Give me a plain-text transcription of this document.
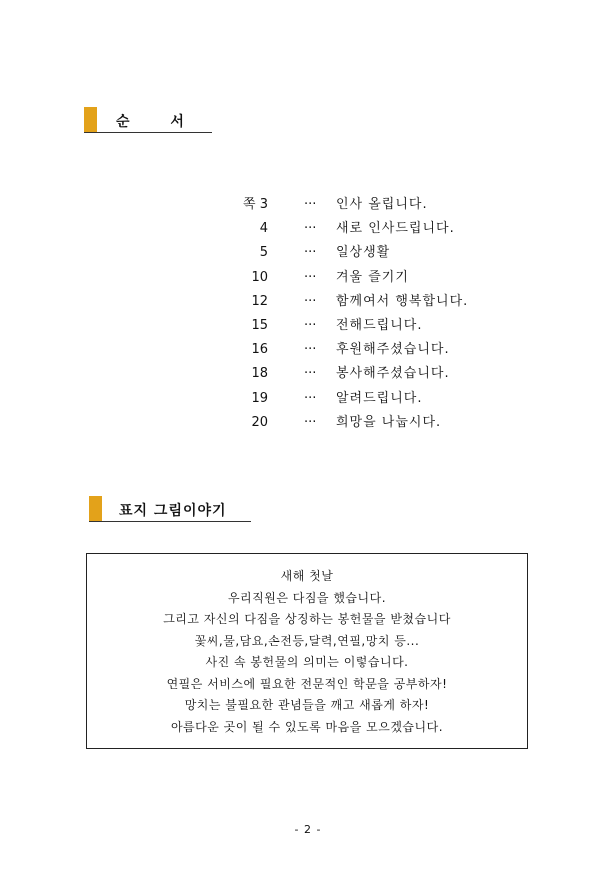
순 서
쪽 3	··· 인사 올립니다.
4	··· 새로 인사드립니다.
5	··· 일상생활
10	··· 겨울 즐기기
12	··· 함께여서 행복합니다.
15	··· 전해드립니다.
16	··· 후원해주셨습니다.
18	··· 봉사해주셨습니다.
19	··· 알려드립니다.
20	··· 희망을 나눕시다.
표지 그림이야기
새해 첫날
우리직원은 다짐을 했습니다.
그리고 자신의 다짐을 상징하는 봉헌물을 받쳤습니다
꽃씨,물,담요,손전등,달력,연필,망치 등...
사진 속 봉헌물의 의미는 이렇습니다.
연필은 서비스에 필요한 전문적인 학문을 공부하자!
망치는 불필요한 관념들을 깨고 새롭게 하자!
아름다운 곳이 될 수 있도록 마음을 모으겠습니다.
- 2 -
